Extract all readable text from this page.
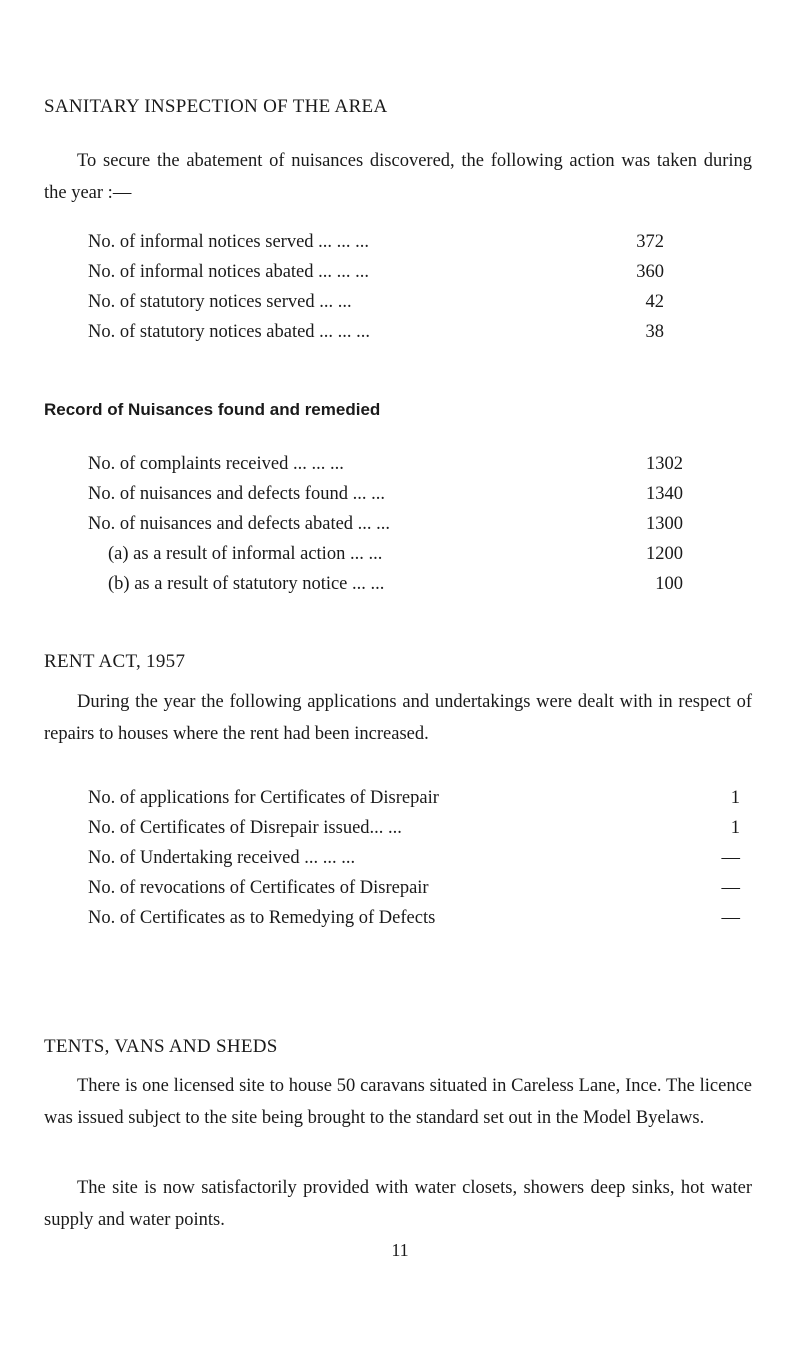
SANITARY INSPECTION OF THE AREA
To secure the abatement of nuisances discovered, the following action was taken during the year :—
No. of informal notices served ... ... ...	372
No. of informal notices abated ... ... ...	360
No. of statutory notices served ... ...	42
No. of statutory notices abated ... ... ...	38
Record of Nuisances found and remedied
No. of complaints received ... ... ...	1302
No. of nuisances and defects found ... ...	1340
No. of nuisances and defects abated ... ...	1300
(a) as a result of informal action ... ...	1200
(b) as a result of statutory notice ... ...	100
RENT ACT, 1957
During the year the following applications and undertakings were dealt with in respect of repairs to houses where the rent had been increased.
No. of applications for Certificates of Disrepair	1
No. of Certificates of Disrepair issued... ...	1
No. of Undertaking received ... ... ...	—
No. of revocations of Certificates of Disrepair	—
No. of Certificates as to Remedying of Defects	—
TENTS, VANS AND SHEDS
There is one licensed site to house 50 caravans situated in Careless Lane, Ince. The licence was issued subject to the site being brought to the standard set out in the Model Byelaws.
The site is now satisfactorily provided with water closets, showers deep sinks, hot water supply and water points.
11
